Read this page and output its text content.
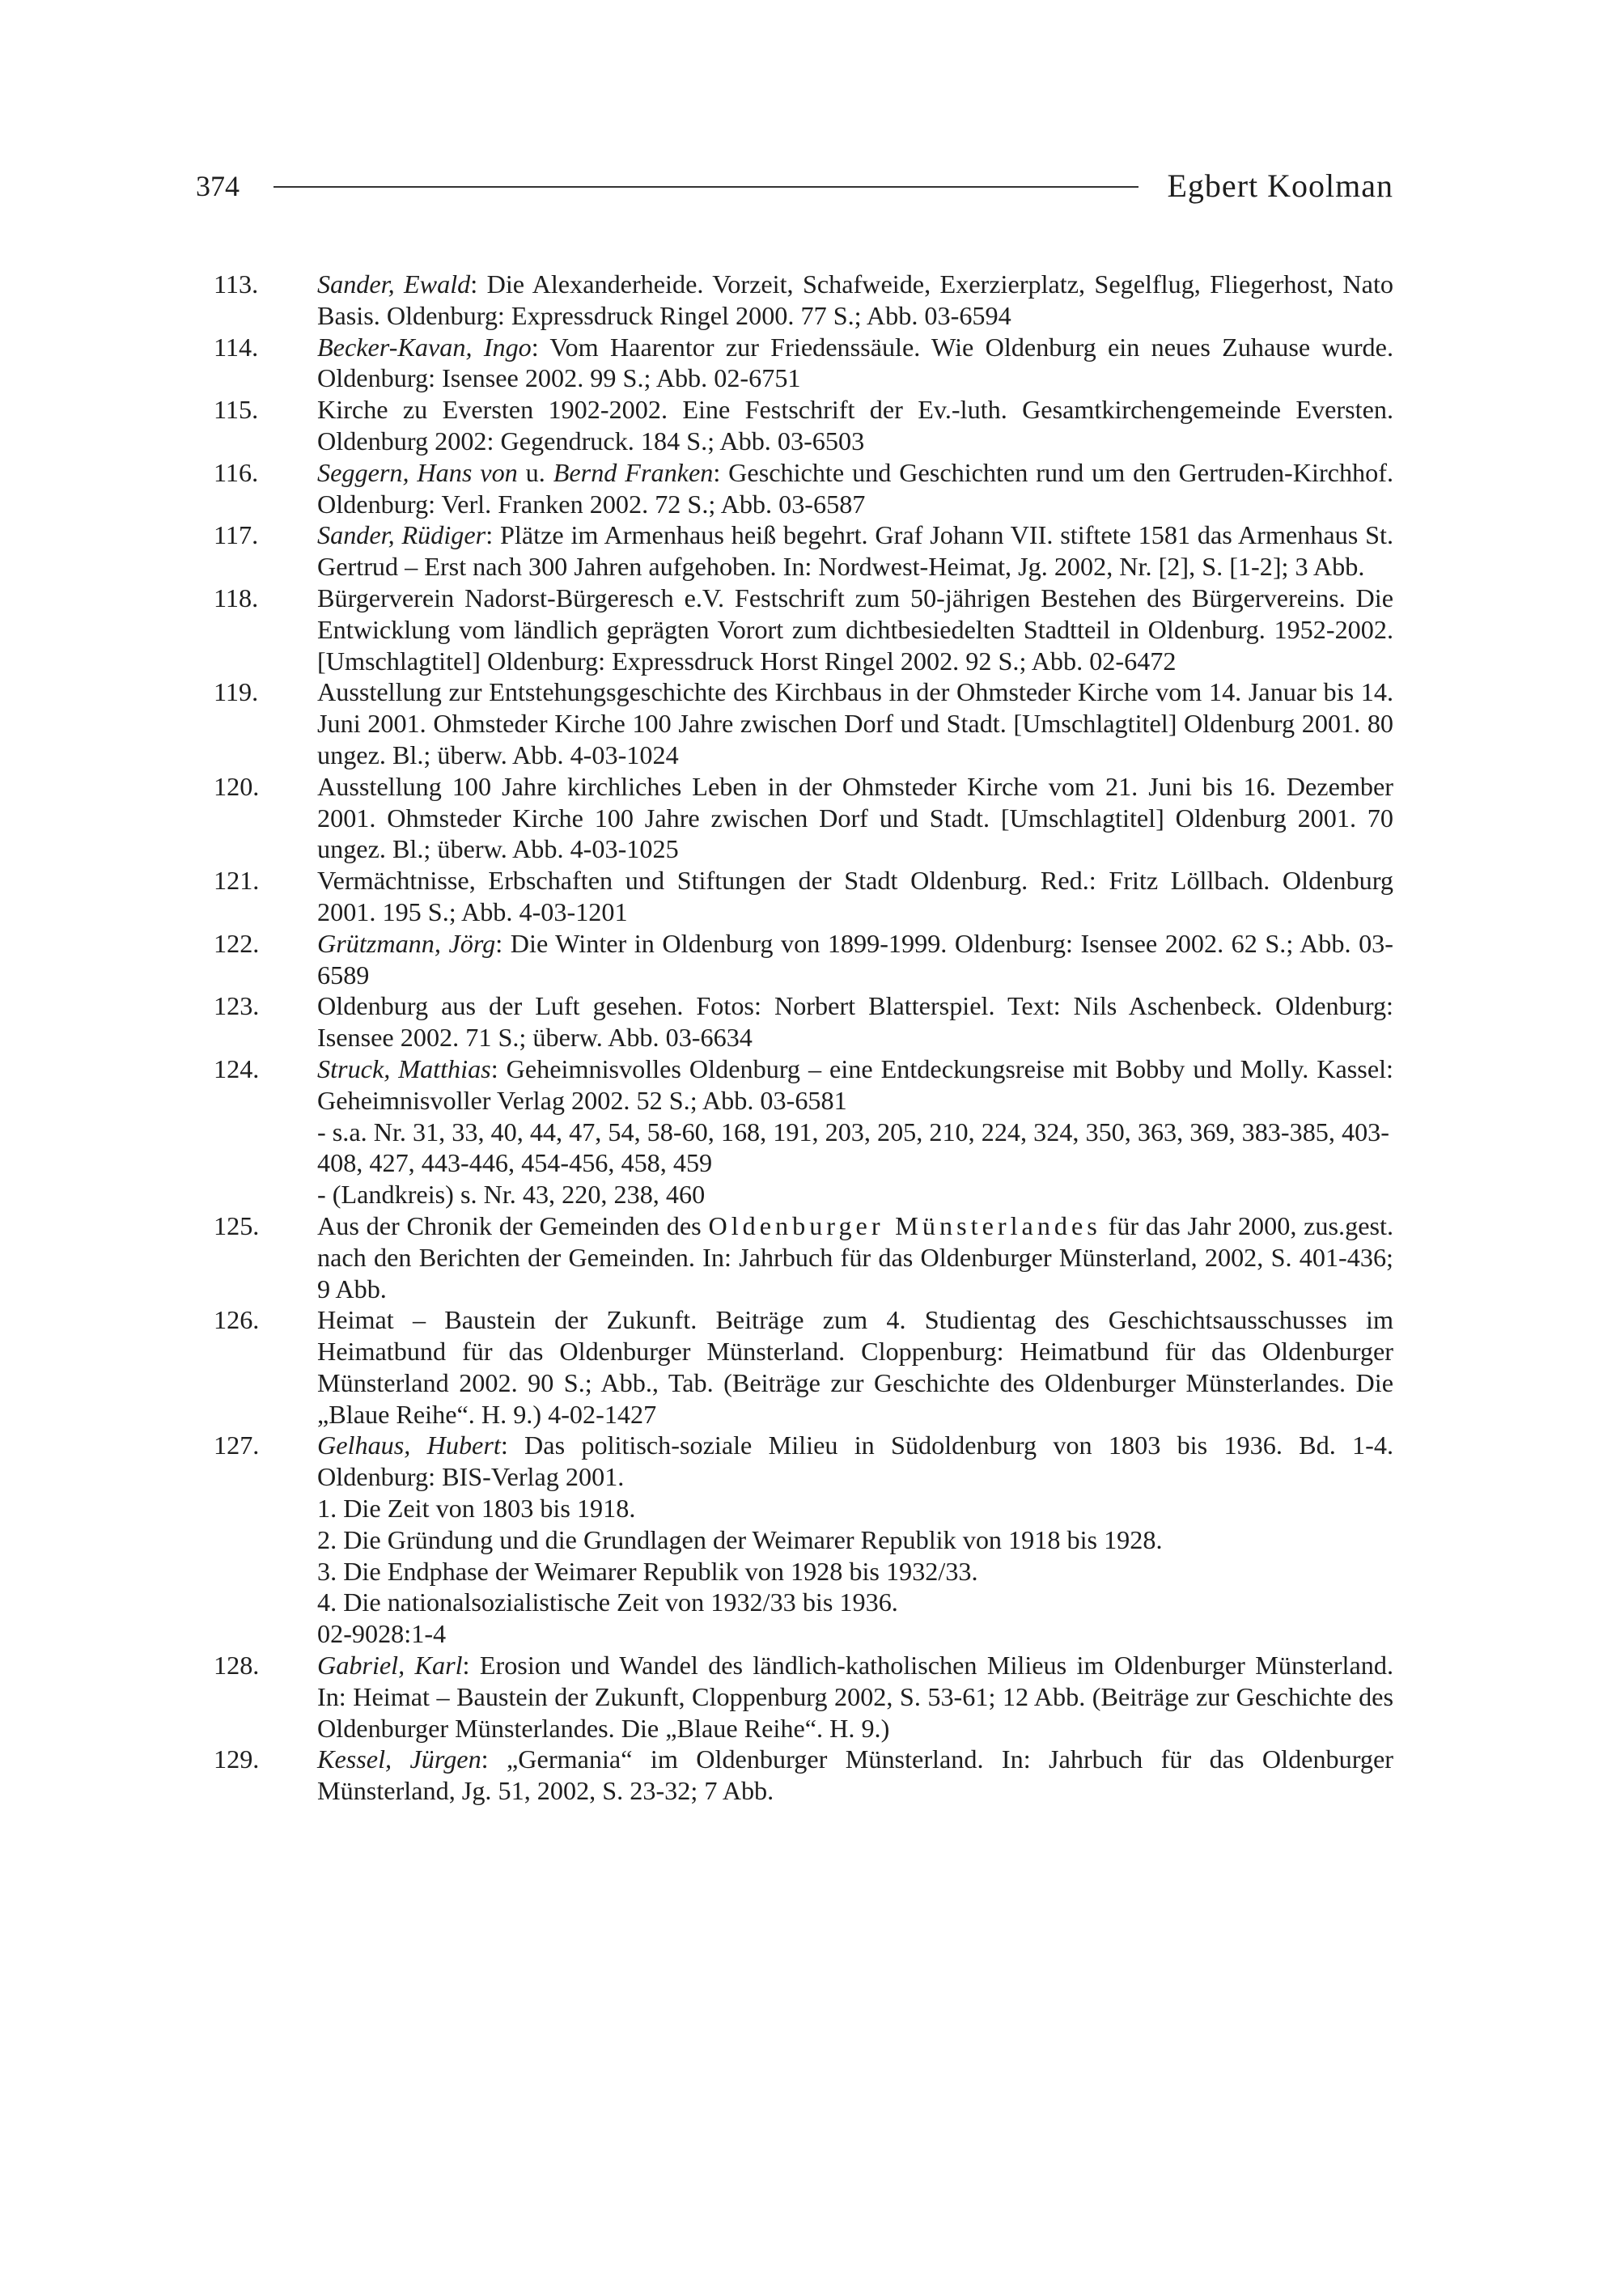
374	Egbert Koolman
113. Sander, Ewald: Die Alexanderheide. Vorzeit, Schafweide, Exerzierplatz, Segelflug, Fliegerhost, Nato Basis. Oldenburg: Expressdruck Ringel 2000. 77 S.; Abb. 03-6594
114. Becker-Kavan, Ingo: Vom Haarentor zur Friedenssäule. Wie Oldenburg ein neues Zuhause wurde. Oldenburg: Isensee 2002. 99 S.; Abb. 02-6751
115. Kirche zu Eversten 1902-2002. Eine Festschrift der Ev.-luth. Gesamtkirchengemeinde Eversten. Oldenburg 2002: Gegendruck. 184 S.; Abb. 03-6503
116. Seggern, Hans von u. Bernd Franken: Geschichte und Geschichten rund um den Gertruden-Kirchhof. Oldenburg: Verl. Franken 2002. 72 S.; Abb. 03-6587
117. Sander, Rüdiger: Plätze im Armenhaus heiß begehrt. Graf Johann VII. stiftete 1581 das Armenhaus St. Gertrud – Erst nach 300 Jahren aufgehoben. In: Nordwest-Heimat, Jg. 2002, Nr. [2], S. [1-2]; 3 Abb.
118. Bürgerverein Nadorst-Bürgeresch e.V. Festschrift zum 50-jährigen Bestehen des Bürgervereins. Die Entwicklung vom ländlich geprägten Vorort zum dichtbesiedelten Stadtteil in Oldenburg. 1952-2002. [Umschlagtitel] Oldenburg: Expressdruck Horst Ringel 2002. 92 S.; Abb. 02-6472
119. Ausstellung zur Entstehungsgeschichte des Kirchbaus in der Ohmsteder Kirche vom 14. Januar bis 14. Juni 2001. Ohmsteder Kirche 100 Jahre zwischen Dorf und Stadt. [Umschlagtitel] Oldenburg 2001. 80 ungez. Bl.; überw. Abb. 4-03-1024
120. Ausstellung 100 Jahre kirchliches Leben in der Ohmsteder Kirche vom 21. Juni bis 16. Dezember 2001. Ohmsteder Kirche 100 Jahre zwischen Dorf und Stadt. [Umschlagtitel] Oldenburg 2001. 70 ungez. Bl.; überw. Abb. 4-03-1025
121. Vermächtnisse, Erbschaften und Stiftungen der Stadt Oldenburg. Red.: Fritz Löllbach. Oldenburg 2001. 195 S.; Abb. 4-03-1201
122. Grützmann, Jörg: Die Winter in Oldenburg von 1899-1999. Oldenburg: Isensee 2002. 62 S.; Abb. 03-6589
123. Oldenburg aus der Luft gesehen. Fotos: Norbert Blatterspiel. Text: Nils Aschenbeck. Oldenburg: Isensee 2002. 71 S.; überw. Abb. 03-6634
124. Struck, Matthias: Geheimnisvolles Oldenburg – eine Entdeckungsreise mit Bobby und Molly. Kassel: Geheimnisvoller Verlag 2002. 52 S.; Abb. 03-6581
- s.a. Nr. 31, 33, 40, 44, 47, 54, 58-60, 168, 191, 203, 205, 210, 224, 324, 350, 363, 369, 383-385, 403-408, 427, 443-446, 454-456, 458, 459
- (Landkreis) s. Nr. 43, 220, 238, 460
125. Aus der Chronik der Gemeinden des Oldenburger Münsterlandes für das Jahr 2000, zus.gest. nach den Berichten der Gemeinden. In: Jahrbuch für das Oldenburger Münsterland, 2002, S. 401-436; 9 Abb.
126. Heimat – Baustein der Zukunft. Beiträge zum 4. Studientag des Geschichtsausschusses im Heimatbund für das Oldenburger Münsterland. Cloppenburg: Heimatbund für das Oldenburger Münsterland 2002. 90 S.; Abb., Tab. (Beiträge zur Geschichte des Oldenburger Münsterlandes. Die „Blaue Reihe“. H. 9.) 4-02-1427
127. Gelhaus, Hubert: Das politisch-soziale Milieu in Südoldenburg von 1803 bis 1936. Bd. 1-4. Oldenburg: BIS-Verlag 2001.
1. Die Zeit von 1803 bis 1918.
2. Die Gründung und die Grundlagen der Weimarer Republik von 1918 bis 1928.
3. Die Endphase der Weimarer Republik von 1928 bis 1932/33.
4. Die nationalsozialistische Zeit von 1932/33 bis 1936.
02-9028:1-4
128. Gabriel, Karl: Erosion und Wandel des ländlich-katholischen Milieus im Oldenburger Münsterland. In: Heimat – Baustein der Zukunft, Cloppenburg 2002, S. 53-61; 12 Abb. (Beiträge zur Geschichte des Oldenburger Münsterlandes. Die „Blaue Reihe“. H. 9.)
129. Kessel, Jürgen: „Germania“ im Oldenburger Münsterland. In: Jahrbuch für das Oldenburger Münsterland, Jg. 51, 2002, S. 23-32; 7 Abb.
